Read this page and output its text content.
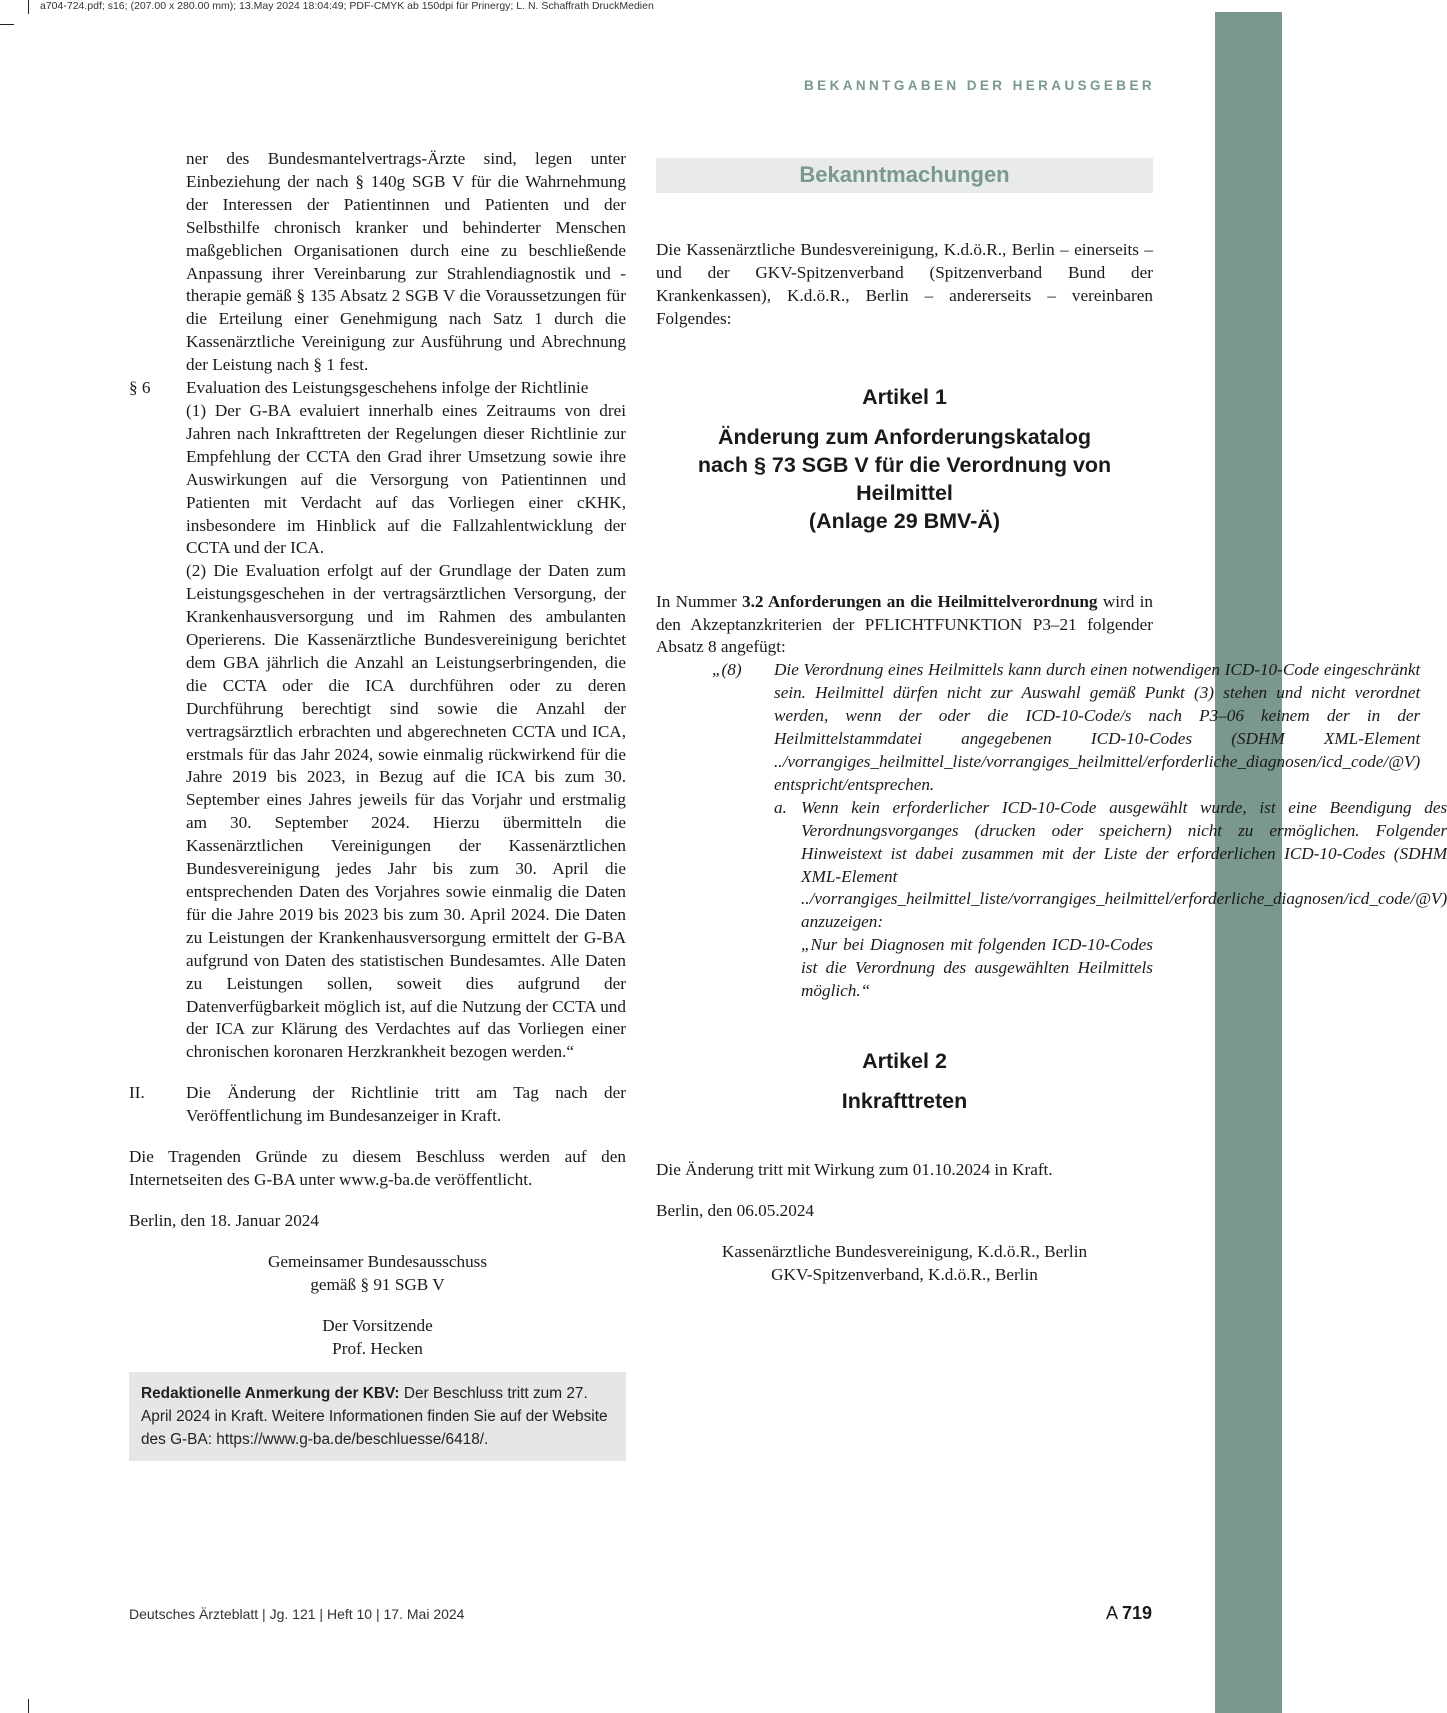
a704-724.pdf; s16; (207.00 x 280.00 mm); 13.May 2024 18:04:49; PDF-CMYK ab 150dpi für Prinergy; L. N. Schaffrath DruckMedien
BEKANNTGABEN DER HERAUSGEBER

ner des Bundesmantelvertrags-Ärzte sind, legen unter Einbeziehung der nach § 140g SGB V für die Wahrnehmung der Interessen der Patientinnen und Patienten und der Selbsthilfe chronisch kranker und behinderter Menschen maßgeblichen Organisationen durch eine zu beschließende Anpassung ihrer Vereinbarung zur Strahlendiagnostik und -therapie gemäß § 135 Absatz 2 SGB V die Voraussetzungen für die Erteilung einer Genehmigung nach Satz 1 durch die Kassenärztliche Vereinigung zur Ausführung und Abrechnung der Leistung nach § 1 fest.

§ 6	Evaluation des Leistungsgeschehens infolge der Richtlinie

(1) Der G-BA evaluiert innerhalb eines Zeitraums von drei Jahren nach Inkrafttreten der Regelungen dieser Richtlinie zur Empfehlung der CCTA den Grad ihrer Umsetzung sowie ihre Auswirkungen auf die Versorgung von Patientinnen und Patienten mit Verdacht auf das Vorliegen einer cKHK, insbesondere im Hinblick auf die Fallzahlentwicklung der CCTA und der ICA.

(2) Die Evaluation erfolgt auf der Grundlage der Daten zum Leistungsgeschehen in der vertragsärztlichen Versorgung, der Krankenhausversorgung und im Rahmen des ambulanten Operierens. Die Kassenärztliche Bundesvereinigung berichtet dem GBA jährlich die Anzahl an Leistungserbringenden, die die CCTA oder die ICA durchführen oder zu deren Durchführung berechtigt sind sowie die Anzahl der vertragsärztlich erbrachten und abgerechneten CCTA und ICA, erstmals für das Jahr 2024, sowie einmalig rückwirkend für die Jahre 2019 bis 2023, in Bezug auf die ICA bis zum 30. September eines Jahres jeweils für das Vorjahr und erstmalig am 30. September 2024. Hierzu übermitteln die Kassenärztlichen Vereinigungen der Kassenärztlichen Bundesvereinigung jedes Jahr bis zum 30. April die entsprechenden Daten des Vorjahres sowie einmalig die Daten für die Jahre 2019 bis 2023 bis zum 30. April 2024. Die Daten zu Leistungen der Krankenhausversorgung ermittelt der G-BA aufgrund von Daten des statistischen Bundesamtes. Alle Daten zu Leistungen sollen, soweit dies aufgrund der Datenverfügbarkeit möglich ist, auf die Nutzung der CCTA und der ICA zur Klärung des Verdachtes auf das Vorliegen einer chronischen koronaren Herzkrankheit bezogen werden.“

II.	Die Änderung der Richtlinie tritt am Tag nach der Veröffentlichung im Bundesanzeiger in Kraft.

Die Tragenden Gründe zu diesem Beschluss werden auf den Internetseiten des G-BA unter www.g-ba.de veröffentlicht.

Berlin, den 18. Januar 2024

Gemeinsamer Bundesausschuss

gemäß § 91 SGB V

Der Vorsitzende

Prof. Hecken

Redaktionelle Anmerkung der KBV: Der Beschluss tritt zum 27. April 2024 in Kraft. Weitere Informationen finden Sie auf der Website des G-BA: https://www.g-ba.de/beschluesse/6418/.
Bekanntmachungen

Die Kassenärztliche Bundesvereinigung, K.d.ö.R., Berlin – einerseits – und der GKV-Spitzenverband (Spitzenverband Bund der Krankenkassen), K.d.ö.R., Berlin – andererseits – vereinbaren Folgendes:

Artikel 1

Änderung zum Anforderungskatalog

nach § 73 SGB V für die Verordnung von Heilmittel

(Anlage 29 BMV-Ä)

In Nummer 3.2 Anforderungen an die Heilmittelverordnung wird in den Akzeptanzkriterien der PFLICHTFUNKTION P3–21 folgender Absatz 8 angefügt:

„(8)	Die Verordnung eines Heilmittels kann durch einen notwendigen ICD-10-Code eingeschränkt sein. Heilmittel dürfen nicht zur Auswahl gemäß Punkt (3) stehen und nicht verordnet werden, wenn der oder die ICD-10-Code/s nach P3–06 keinem der in der Heilmittelstammdatei angegebenen ICD-10-Codes (SDHM XML-Element ../vorrangiges_heilmittel_liste/vorrangiges_heilmittel/erforderliche_diagnosen/icd_code/@V) entspricht/entsprechen.

a. Wenn kein erforderlicher ICD-10-Code ausgewählt wurde, ist eine Beendigung des Verordnungsvorganges (drucken oder speichern) nicht zu ermöglichen. Folgender Hinweistext ist dabei zusammen mit der Liste der erforderlichen ICD-10-Codes (SDHM XML-Element ../vorrangiges_heilmittel_liste/vorrangiges_heilmittel/erforderliche_diagnosen/icd_code/@V) anzuzeigen:

„Nur bei Diagnosen mit folgenden ICD-10-Codes ist die Verordnung des ausgewählten Heilmittels möglich.“

Artikel 2

Inkrafttreten

Die Änderung tritt mit Wirkung zum 01.10.2024 in Kraft.

Berlin, den 06.05.2024

Kassenärztliche Bundesvereinigung, K.d.ö.R., Berlin

GKV-Spitzenverband, K.d.ö.R., Berlin

Deutsches Ärzteblatt | Jg. 121 | Heft 10 | 17. Mai 2024	A 719
